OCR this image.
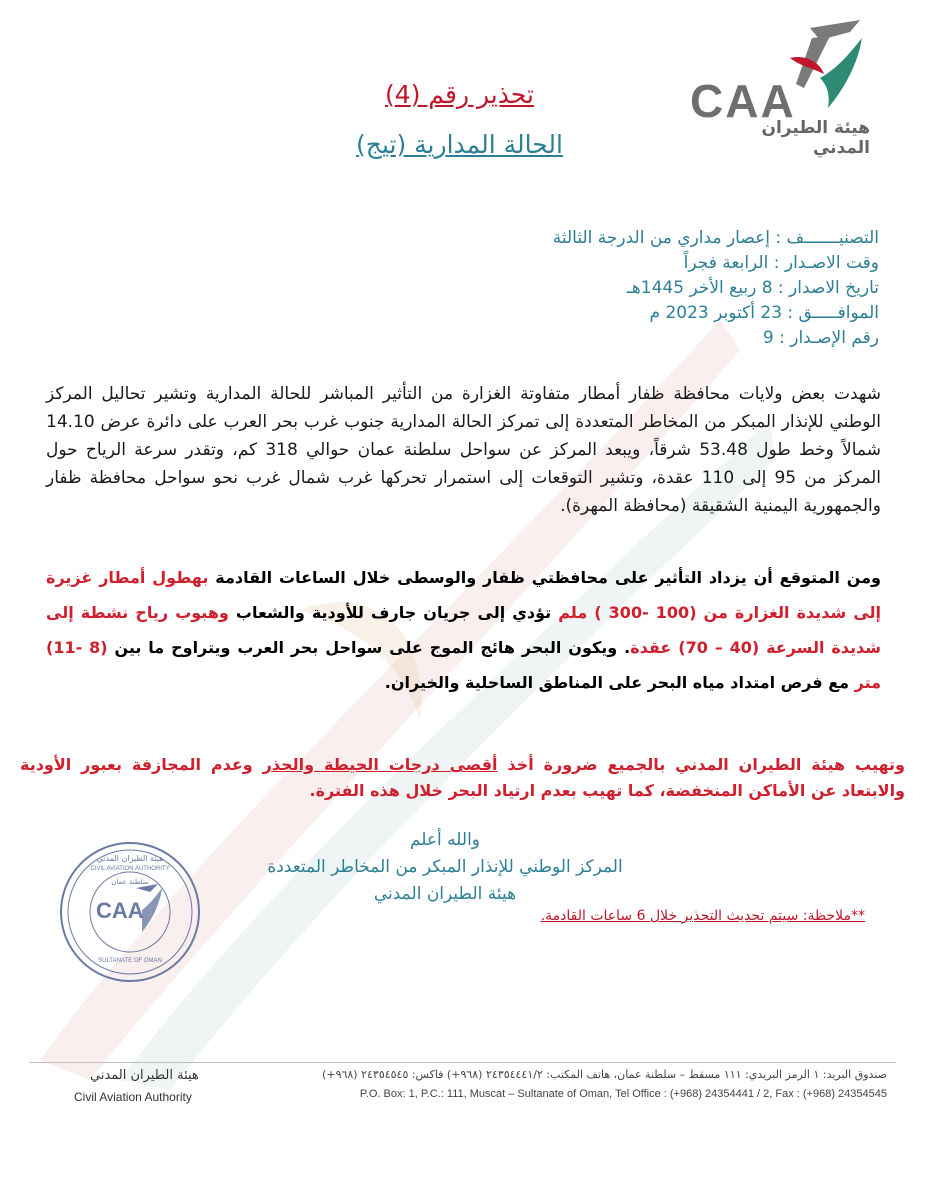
CAA
هيئة الطيران المدني
تحذير رقم (4)
الحالة المدارية (تيج)
التصنيـــــــف : إعصار مداري من الدرجة الثالثة
وقت الاصـدار : الرابعة فجراً
تاريخ الاصدار : 8 ربيع الأخر 1445هـ
الموافـــــق : 23 أكتوبر 2023 م
رقم الإصـدار : 9
شهدت بعض ولايات محافظة ظفار أمطار متفاوتة الغزارة من التأثير المباشر للحالة المدارية وتشير تحاليل المركز الوطني للإنذار المبكر من المخاطر المتعددة إلى تمركز الحالة المدارية جنوب غرب بحر العرب على دائرة عرض 14.10 شمالاً وخط طول 53.48 شرقاً، ويبعد المركز عن سواحل سلطنة عمان حوالي 318 كم، وتقدر سرعة الرياح حول المركز من 95 إلى 110 عقدة، وتشير التوقعات إلى استمرار تحركها غرب شمال غرب نحو سواحل محافظة ظفار والجمهورية اليمنية الشقيقة (محافظة المهرة).
ومن المتوقع أن يزداد التأثير على محافظتي ظفار والوسطى خلال الساعات القادمة بهطول أمطار غزيرة إلى شديدة الغزارة من (100 -300 ) ملم تؤدي إلى جريان جارف للأودية والشعاب وهبوب رياح نشطة إلى شديدة السرعة (40 – 70) عقدة. ويكون البحر هائج الموج على سواحل بحر العرب ويتراوح ما بين (8 -11) متر مع فرص امتداد مياه البحر على المناطق الساحلية والخيران.
وتهيب هيئة الطيران المدني بالجميع ضرورة أخذ أقصى درجات الحيطة والحذر وعدم المجازفة بعبور الأودية والابتعاد عن الأماكن المنخفضة، كما تهيب بعدم ارتياد البحر خلال هذه الفترة.
والله أعلم
المركز الوطني للإنذار المبكر من المخاطر المتعددة
هيئة الطيران المدني
**ملاحظة: سيتم تحديث التحذير خلال 6 ساعات القادمة.
هيئة الطيران المدني
CIVIL AVIATION AUTHORITY
CAA
سلطنة عمان
SULTANATE OF OMAN
هيئة الطيران المدني
Civil Aviation Authority
صندوق البريد: ١ الرمز البريدي: ١١١ مسقط – سلطنة عمان، هاتف المكتب: ٢٤٣٥٤٤٤١/٢ (٩٦٨+) فاكس: ٢٤٣٥٤٥٤٥ (٩٦٨+)
P.O. Box: 1, P.C.: 111, Muscat – Sultanate of Oman, Tel Office : (+968) 24354441 / 2, Fax : (+968) 24354545
